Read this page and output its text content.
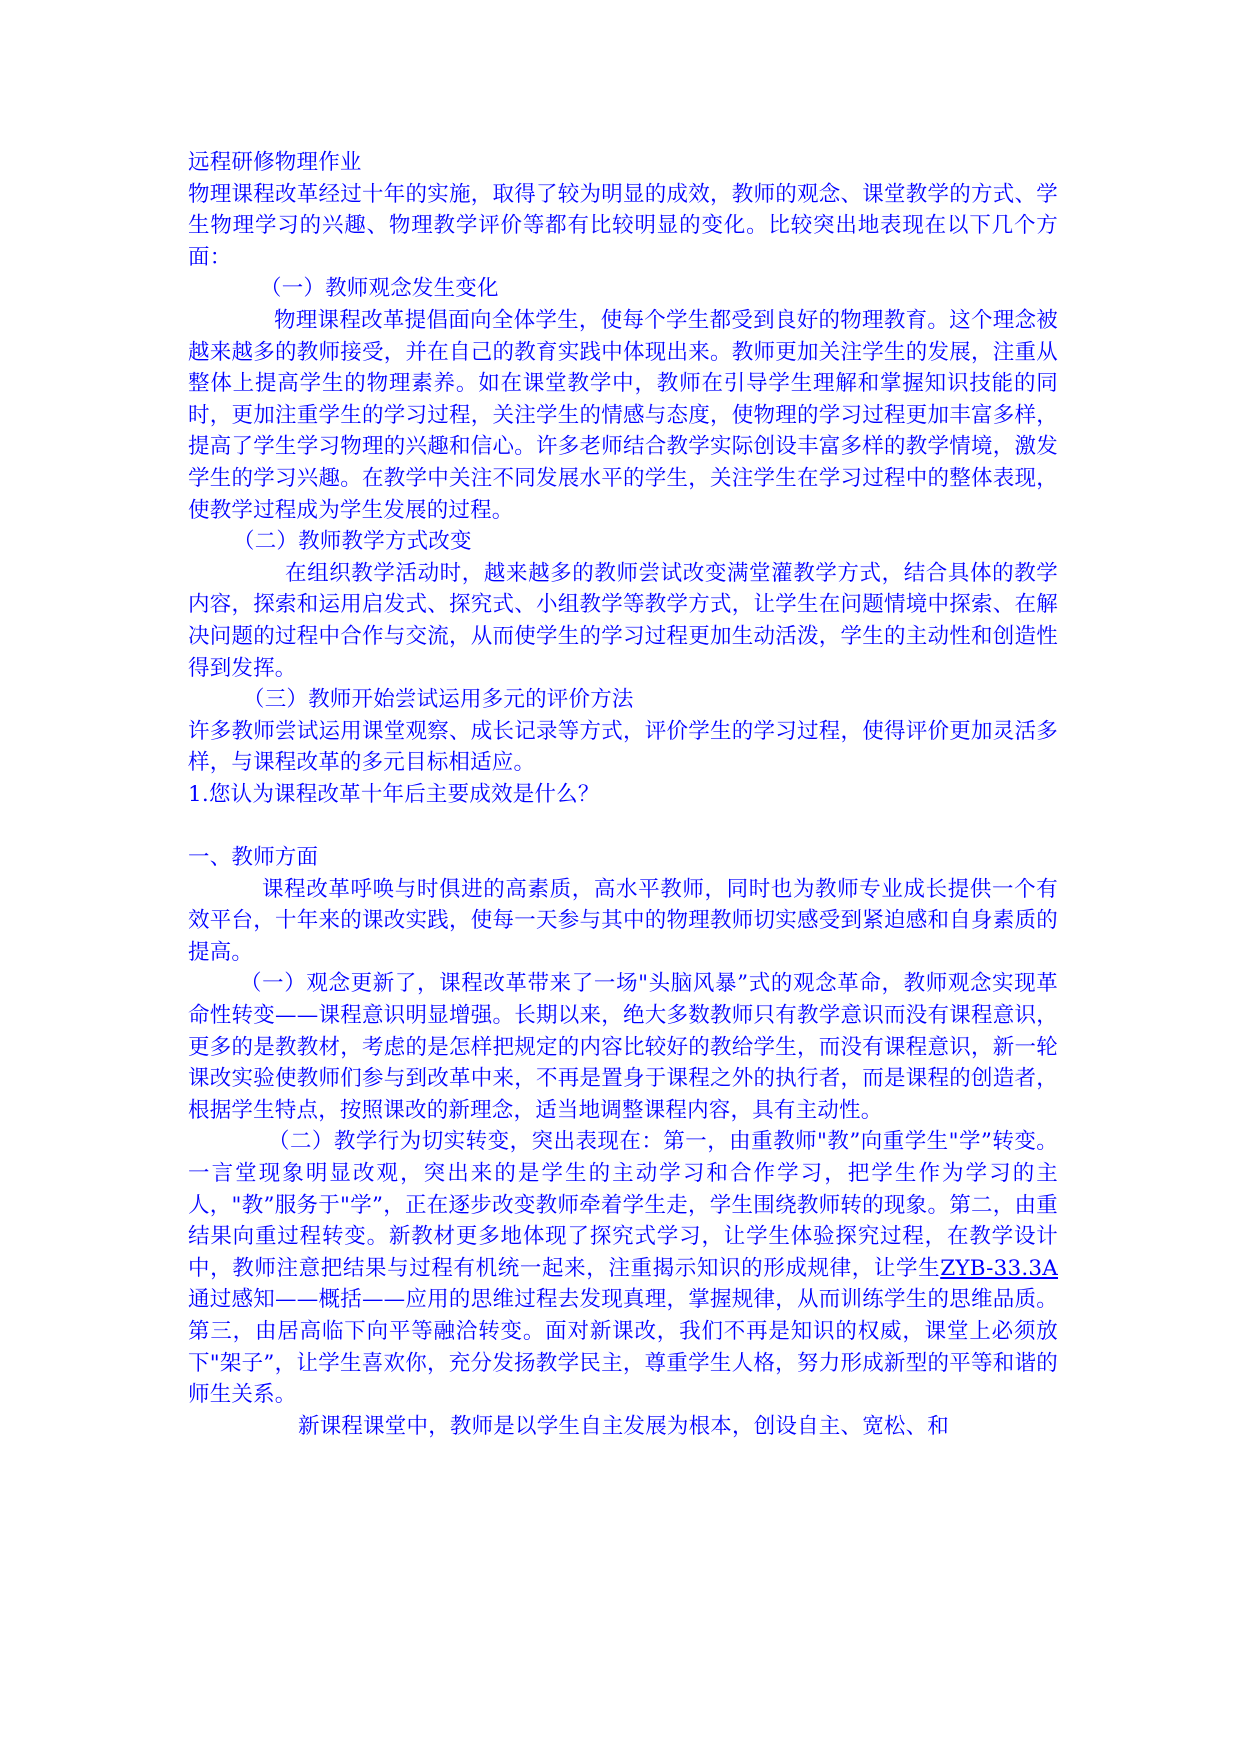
远程研修物理作业

物理课程改革经过十年的实施，取得了较为明显的成效，教师的观念、课堂教学的方式、学生物理学习的兴趣、物理教学评价等都有比较明显的变化。比较突出地表现在以下几个方面：

（一）教师观念发生变化

物理课程改革提倡面向全体学生，使每个学生都受到良好的物理教育。这个理念被越来越多的教师接受，并在自己的教育实践中体现出来。教师更加关注学生的发展，注重从整体上提高学生的物理素养。如在课堂教学中，教师在引导学生理解和掌握知识技能的同时，更加注重学生的学习过程，关注学生的情感与态度，使物理的学习过程更加丰富多样，提高了学生学习物理的兴趣和信心。许多老师结合教学实际创设丰富多样的教学情境，激发学生的学习兴趣。在教学中关注不同发展水平的学生，关注学生在学习过程中的整体表现，使教学过程成为学生发展的过程。

（二）教师教学方式改变

在组织教学活动时，越来越多的教师尝试改变满堂灌教学方式，结合具体的教学内容，探索和运用启发式、探究式、小组教学等教学方式，让学生在问题情境中探索、在解决问题的过程中合作与交流，从而使学生的学习过程更加生动活泼，学生的主动性和创造性得到发挥。

（三）教师开始尝试运用多元的评价方法

许多教师尝试运用课堂观察、成长记录等方式，评价学生的学习过程，使得评价更加灵活多样，与课程改革的多元目标相适应。

1.您认为课程改革十年后主要成效是什么？

一、教师方面

课程改革呼唤与时俱进的高素质，高水平教师，同时也为教师专业成长提供一个有效平台，十年来的课改实践，使每一天参与其中的物理教师切实感受到紧迫感和自身素质的提高。

（一）观念更新了，课程改革带来了一场"头脑风暴”式的观念革命，教师观念实现革命性转变——课程意识明显增强。长期以来，绝大多数教师只有教学意识而没有课程意识，更多的是教教材，考虑的是怎样把规定的内容比较好的教给学生，而没有课程意识，新一轮课改实验使教师们参与到改革中来，不再是置身于课程之外的执行者，而是课程的创造者，根据学生特点，按照课改的新理念，适当地调整课程内容，具有主动性。

（二）教学行为切实转变，突出表现在：第一，由重教师"教”向重学生"学”转变。一言堂现象明显改观，突出来的是学生的主动学习和合作学习，把学生作为学习的主人，"教”服务于"学”，正在逐步改变教师牵着学生走，学生围绕教师转的现象。第二，由重结果向重过程转变。新教材更多地体现了探究式学习，让学生体验探究过程，在教学设计中，教师注意把结果与过程有机统一起来，注重揭示知识的形成规律，让学生ZYB-33.3A通过感知——概括——应用的思维过程去发现真理，掌握规律，从而训练学生的思维品质。第三，由居高临下向平等融洽转变。面对新课改，我们不再是知识的权威，课堂上必须放下"架子”，让学生喜欢你，充分发扬教学民主，尊重学生人格，努力形成新型的平等和谐的师生关系。

新课程课堂中，教师是以学生自主发展为根本，创设自主、宽松、和
